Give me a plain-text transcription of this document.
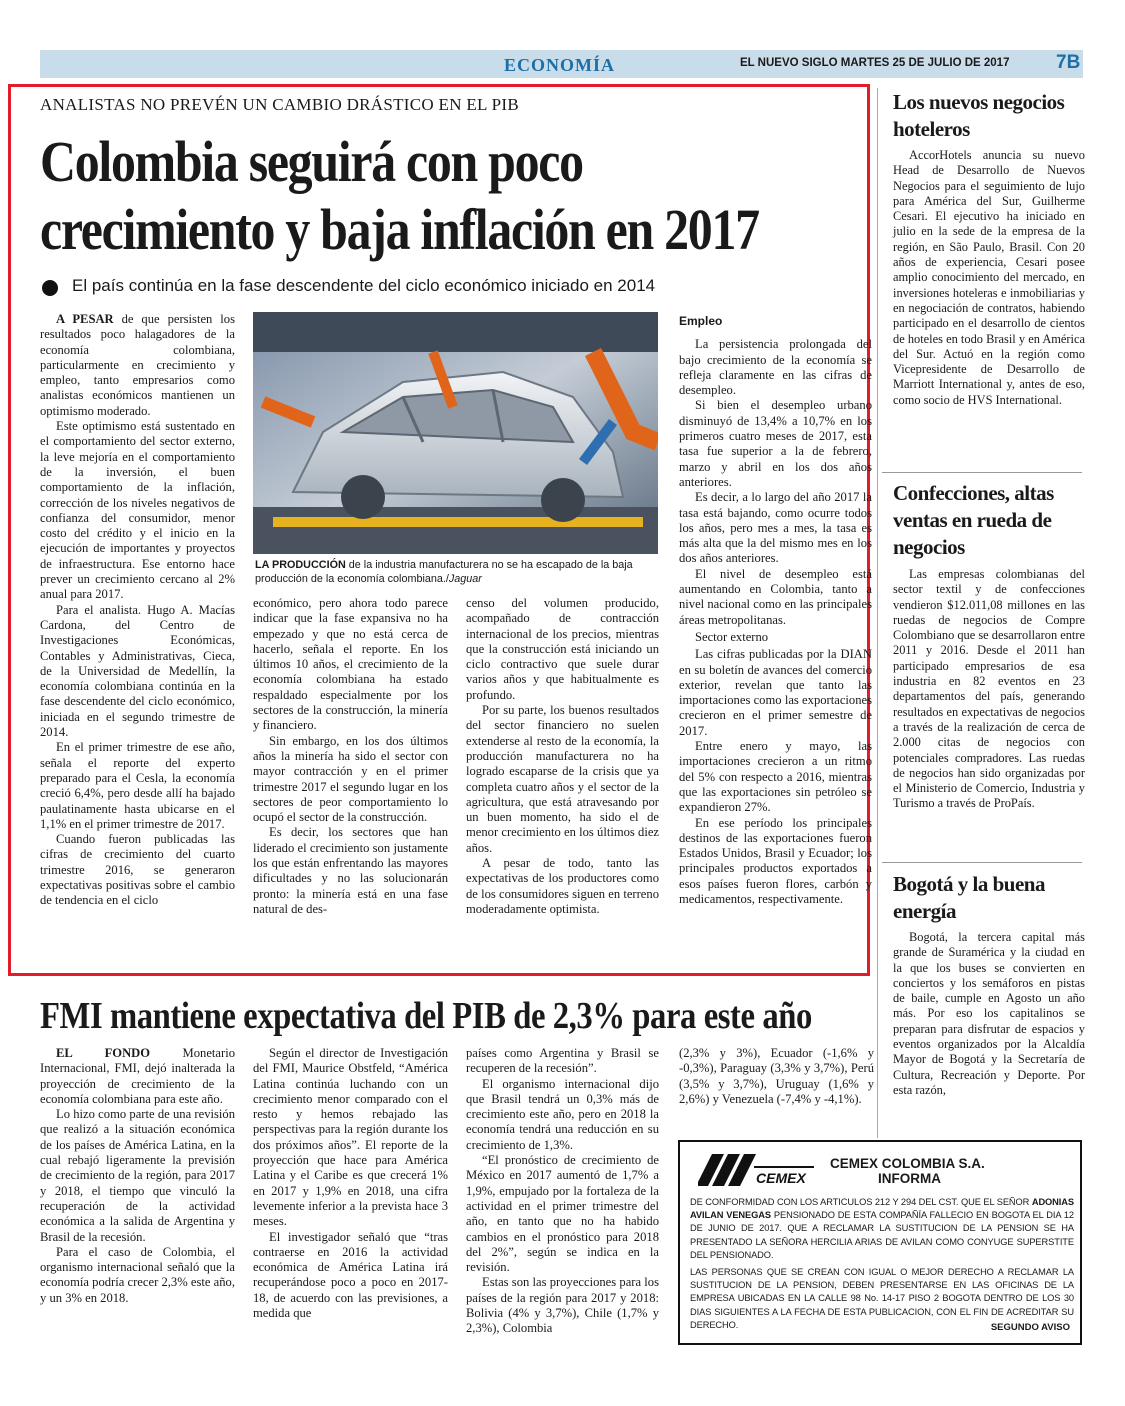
ECONOMÍA	EL NUEVO SIGLO MARTES 25 DE JULIO DE 2017 7B
ANALISTAS NO PREVÉN UN CAMBIO DRÁSTICO EN EL PIB
Colombia seguirá con poco
crecimiento y baja inflación en 2017
El país continúa en la fase descendente del ciclo económico iniciado en 2014

A PESAR de que persisten los resultados poco halagadores de la economía colombiana, particularmente en crecimiento y empleo, tanto empresarios como analistas económicos mantienen un optimismo moderado.

Este optimismo está sustentado en el comportamiento del sector externo, la leve mejoría en el comportamiento de la inversión, el buen comportamiento de la inflación, corrección de los niveles negativos de confianza del consumidor, menor costo del crédito y el inicio en la ejecución de importantes y proyectos de infraestructura. Ese entorno hace prever un crecimiento cercano al 2% anual para 2017.

Para el analista. Hugo A. Macías Cardona, del Centro de Investigaciones Económicas, Contables y Administrativas, Cieca, de la Universidad de Medellín, la economía colombiana continúa en la fase descendente del ciclo económico, iniciada en el segundo trimestre de 2014.

En el primer trimestre de ese año, señala el reporte del experto preparado para el Cesla, la economía creció 6,4%, pero desde allí ha bajado paulatinamente hasta ubicarse en el 1,1% en el primer trimestre de 2017.

Cuando fueron publicadas las cifras de crecimiento del cuarto trimestre 2016, se generaron expectativas positivas sobre el cambio de tendencia en el ciclo

LA PRODUCCIÓN de la industria manufacturera no se ha escapado de la baja producción de la economía colombiana./Jaguar

económico, pero ahora todo parece indicar que la fase expansiva no ha empezado y que no está cerca de hacerlo, señala el reporte. En los últimos 10 años, el crecimiento de la economía colombiana ha estado respaldado especialmente por los sectores de la construcción, la minería y financiero.

Sin embargo, en los dos últimos años la minería ha sido el sector con mayor contracción y en el primer trimestre 2017 el segundo lugar en los sectores de peor comportamiento lo ocupó el sector de la construcción.

Es decir, los sectores que han liderado el crecimiento son justamente los que están enfrentando las mayores dificultades y no las solucionarán pronto: la minería está en una fase natural de des-

censo del volumen producido, acompañado de contracción internacional de los precios, mientras que la construcción está iniciando un ciclo contractivo que suele durar varios años y que habitualmente es profundo.

Por su parte, los buenos resultados del sector financiero no suelen extenderse al resto de la economía, la producción manufacturera no ha logrado escaparse de la crisis que ya completa cuatro años y el sector de la agricultura, que está atravesando por un buen momento, ha sido el de menor crecimiento en los últimos diez años.

A pesar de todo, tanto las expectativas de los productores como de los consumidores siguen en terreno moderadamente optimista.

Empleo

La persistencia prolongada del bajo crecimiento de la economía se refleja claramente en las cifras de desempleo.

Si bien el desempleo urbano disminuyó de 13,4% a 10,7% en los primeros cuatro meses de 2017, esta tasa fue superior a la de febrero, marzo y abril en los dos años anteriores.

Es decir, a lo largo del año 2017 la tasa está bajando, como ocurre todos los años, pero mes a mes, la tasa es más alta que la del mismo mes en los dos años anteriores.

El nivel de desempleo está aumentando en Colombia, tanto a nivel nacional como en las principales áreas metropolitanas.

Sector externo

Las cifras publicadas por la DIAN en su boletín de avances del comercio exterior, revelan que tanto las importaciones como las exportaciones crecieron en el primer semestre de 2017.

Entre enero y mayo, las importaciones crecieron a un ritmo del 5% con respecto a 2016, mientras que las exportaciones sin petróleo se expandieron 27%.

En ese período los principales destinos de las exportaciones fueron Estados Unidos, Brasil y Ecuador; los principales productos exportados a esos países fueron flores, carbón y medicamentos, respectivamente.

Los nuevos negocios hoteleros

AccorHotels anuncia su nuevo Head de Desarrollo de Nuevos Negocios para el seguimiento de lujo para América del Sur, Guilherme Cesari. El ejecutivo ha iniciado en julio en la sede de la empresa de la región, en São Paulo, Brasil. Con 20 años de experiencia, Cesari posee amplio conocimiento del mercado, en inversiones hoteleras e inmobiliarias y en negociación de contratos, habiendo participado en el desarrollo de cientos de hoteles en todo Brasil y en América del Sur. Actuó en la región como Vicepresidente de Desarrollo de Marriott International y, antes de eso, como socio de HVS International.

Confecciones, altas ventas en rueda de negocios

Las empresas colombianas del sector textil y de confecciones vendieron $12.011,08 millones en las ruedas de negocios de Compre Colombiano que se desarrollaron entre 2011 y 2016. Desde el 2011 han participado empresarios de esa industria en 82 eventos en 23 departamentos del país, generando resultados en expectativas de negocios a través de la realización de cerca de 2.000 citas de negocios con potenciales compradores. Las ruedas de negocios han sido organizadas por el Ministerio de Comercio, Industria y Turismo a través de ProPaís.

Bogotá y la buena energía

Bogotá, la tercera capital más grande de Suramérica y la ciudad en la que los buses se convierten en conciertos y los semáforos en pistas de baile, cumple en Agosto un año más. Por eso los capitalinos se preparan para disfrutar de espacios y eventos organizados por la Alcaldía Mayor de Bogotá y la Secretaría de Cultura, Recreación y Deporte. Por esta razón,

FMI mantiene expectativa del PIB de 2,3% para este año

EL FONDO Monetario Internacional, FMI, dejó inalterada la proyección de crecimiento de la economía colombiana para este año.

Lo hizo como parte de una revisión que realizó a la situación económica de los países de América Latina, en la cual rebajó ligeramente la previsión de crecimiento de la región, para 2017 y 2018, el tiempo que vinculó la recuperación de la actividad económica a la salida de Argentina y Brasil de la recesión.

Para el caso de Colombia, el organismo internacional señaló que la economía podría crecer 2,3% este año, y un 3% en 2018.

Según el director de Investigación del FMI, Maurice Obstfeld, “América Latina continúa luchando con un crecimiento menor comparado con el resto y hemos rebajado las perspectivas para la región durante los dos próximos años”. El reporte de la proyección que hace para América Latina y el Caribe es que crecerá 1% en 2017 y 1,9% en 2018, una cifra levemente inferior a la prevista hace 3 meses.

El investigador señaló que “tras contraerse en 2016 la actividad económica de América Latina irá recuperándose poco a poco en 2017-18, de acuerdo con las previsiones, a medida que

países como Argentina y Brasil se recuperen de la recesión”.

El organismo internacional dijo que Brasil tendrá un 0,3% más de crecimiento este año, pero en 2018 la economía tendrá una reducción en su crecimiento de 1,3%.

“El pronóstico de crecimiento de México en 2017 aumentó de 1,7% a 1,9%, empujado por la fortaleza de la actividad en el primer trimestre del año, en tanto que no ha habido cambios en el pronóstico para 2018 del 2%”, según se indica en la revisión.

Estas son las proyecciones para los países de la región para 2017 y 2018: Bolivia (4% y 3,7%), Chile (1,7% y 2,3%), Colombia

(2,3% y 3%), Ecuador (-1,6% y -0,3%), Paraguay (3,3% y 3,7%), Perú (3,5% y 3,7%), Uruguay (1,6% y 2,6%) y Venezuela (-7,4% y -4,1%).

CEMEX
CEMEX COLOMBIA S.A.
INFORMA
DE CONFORMIDAD CON LOS ARTICULOS 212 Y 294 DEL CST. QUE EL SEÑOR ADONIAS AVILAN VENEGAS PENSIONADO DE ESTA COMPAÑÍA FALLECIO EN BOGOTA EL DIA 12 DE JUNIO DE 2017. QUE A RECLAMAR LA SUSTITUCION DE LA PENSION SE HA PRESENTADO LA SEÑORA HERCILIA ARIAS DE AVILAN COMO CONYUGE SUPERSTITE DEL PENSIONADO.
LAS PERSONAS QUE SE CREAN CON IGUAL O MEJOR DERECHO A RECLAMAR LA SUSTITUCION DE LA PENSION, DEBEN PRESENTARSE EN LAS OFICINAS DE LA EMPRESA UBICADAS EN LA CALLE 98 No. 14-17 PISO 2 BOGOTA DENTRO DE LOS 30 DIAS SIGUIENTES A LA FECHA DE ESTA PUBLICACION, CON EL FIN DE ACREDITAR SU DERECHO.	SEGUNDO AVISO
